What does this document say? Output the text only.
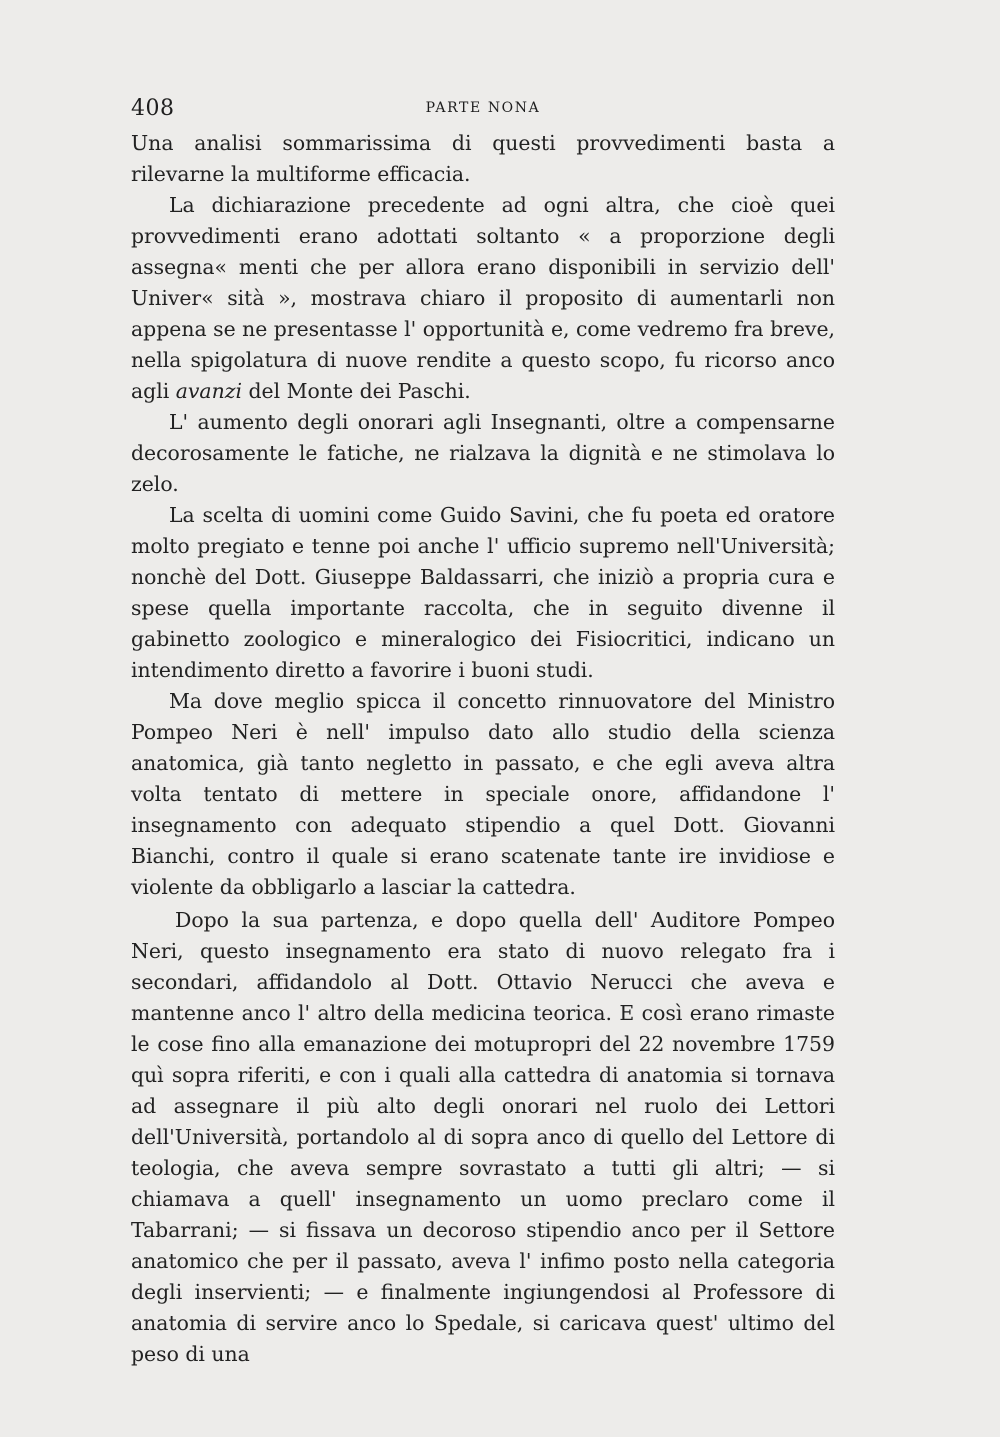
408	PARTE NONA

Una analisi sommarissima di questi provvedimenti basta a rilevarne la multiforme efficacia.

La dichiarazione precedente ad ogni altra, che cioè quei provvedimenti erano adottati soltanto « a proporzione degli assegna« menti che per allora erano disponibili in servizio dell' Univer« sità », mostrava chiaro il proposito di aumentarli non appena se ne presentasse l' opportunità e, come vedremo fra breve, nella spigolatura di nuove rendite a questo scopo, fu ricorso anco agli avanzi del Monte dei Paschi.

L' aumento degli onorari agli Insegnanti, oltre a compensarne decorosamente le fatiche, ne rialzava la dignità e ne stimolava lo zelo.

La scelta di uomini come Guido Savini, che fu poeta ed oratore molto pregiato e tenne poi anche l' ufficio supremo nell'Università; nonchè del Dott. Giuseppe Baldassarri, che iniziò a propria cura e spese quella importante raccolta, che in seguito divenne il gabinetto zoologico e mineralogico dei Fisiocritici, indicano un intendimento diretto a favorire i buoni studi.

Ma dove meglio spicca il concetto rinnuovatore del Ministro Pompeo Neri è nell' impulso dato allo studio della scienza anatomica, già tanto negletto in passato, e che egli aveva altra volta tentato di mettere in speciale onore, affidandone l' insegnamento con adequato stipendio a quel Dott. Giovanni Bianchi, contro il quale si erano scatenate tante ire invidiose e violente da obbligarlo a lasciar la cattedra.

Dopo la sua partenza, e dopo quella dell' Auditore Pompeo Neri, questo insegnamento era stato di nuovo relegato fra i secondari, affidandolo al Dott. Ottavio Nerucci che aveva e mantenne anco l' altro della medicina teorica. E così erano rimaste le cose fino alla emanazione dei motupropri del 22 novembre 1759 quì sopra riferiti, e con i quali alla cattedra di anatomia si tornava ad assegnare il più alto degli onorari nel ruolo dei Lettori dell'Università, portandolo al di sopra anco di quello del Lettore di teologia, che aveva sempre sovrastato a tutti gli altri; — si chiamava a quell' insegnamento un uomo preclaro come il Tabarrani; — si fissava un decoroso stipendio anco per il Settore anatomico che per il passato, aveva l' infimo posto nella categoria degli inservienti; — e finalmente ingiungendosi al Professore di anatomia di servire anco lo Spedale, si caricava quest' ultimo del peso di una
